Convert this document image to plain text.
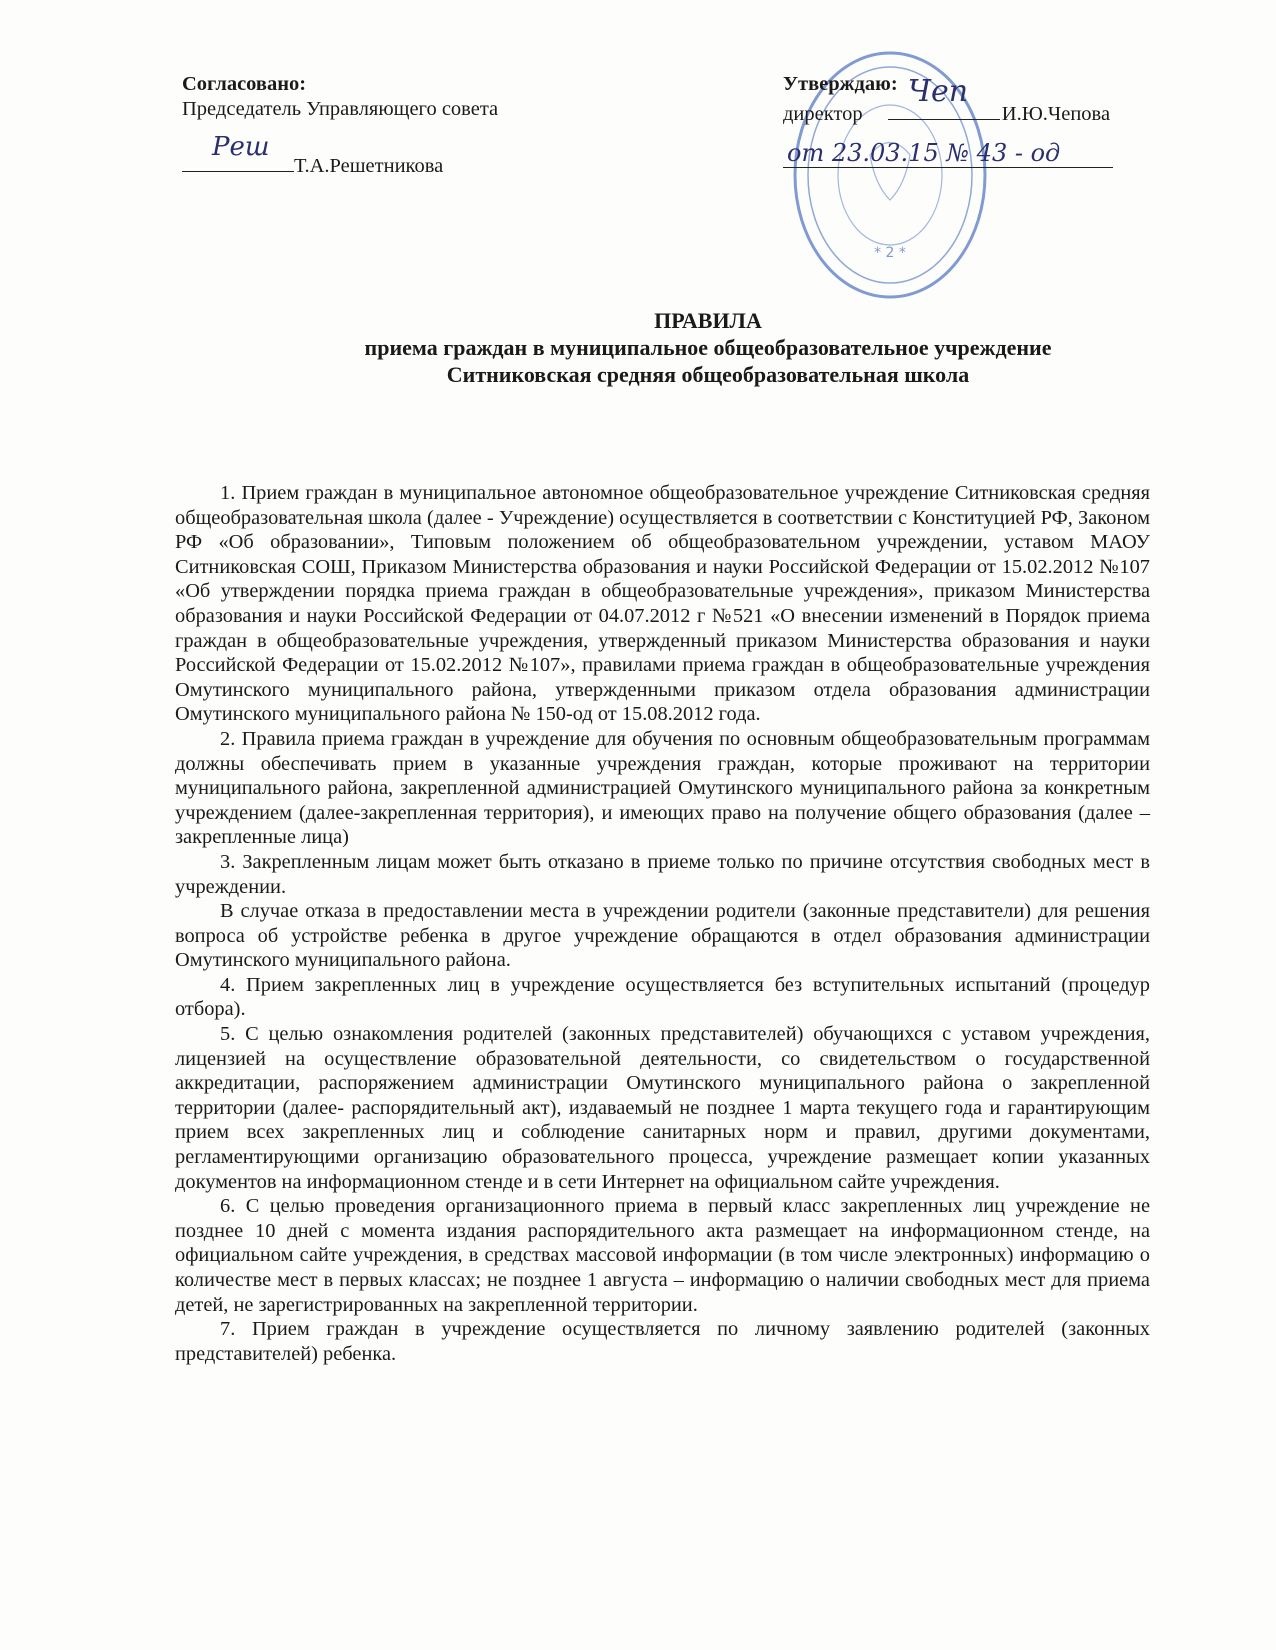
* 2 *
Согласовано:
Председатель Управляющего совета
Реш
Т.А.Решетникова
Утверждаю:
директор
Чеп
И.Ю.Чепова
от 23.03.15 № 43 - од
ПРАВИЛА
приема граждан в муниципальное общеобразовательное учреждение
Ситниковская средняя общеобразовательная школа

1. Прием граждан в муниципальное автономное общеобразовательное учреждение Ситниковская средняя общеобразовательная школа (далее - Учреждение) осуществляется в соответствии с Конституцией РФ, Законом РФ «Об образовании», Типовым положением об общеобразовательном учреждении, уставом МАОУ Ситниковская СОШ, Приказом Министерства образования и науки Российской Федерации от 15.02.2012 №107 «Об утверждении порядка приема граждан в общеобразовательные учреждения», приказом Министерства образования и науки Российской Федерации от 04.07.2012 г №521 «О внесении изменений в Порядок приема граждан в общеобразовательные учреждения, утвержденный приказом Министерства образования и науки Российской Федерации от 15.02.2012 №107», правилами приема граждан в общеобразовательные учреждения Омутинского муниципального района, утвержденными приказом отдела образования администрации Омутинского муниципального района № 150-од от 15.08.2012 года.

2. Правила приема граждан в учреждение для обучения по основным общеобразовательным программам должны обеспечивать прием в указанные учреждения граждан, которые проживают на территории муниципального района, закрепленной администрацией Омутинского муниципального района за конкретным учреждением (далее-закрепленная территория), и имеющих право на получение общего образования (далее – закрепленные лица)

3. Закрепленным лицам может быть отказано в приеме только по причине отсутствия свободных мест в учреждении.

В случае отказа в предоставлении места в учреждении родители (законные представители) для решения вопроса об устройстве ребенка в другое учреждение обращаются в отдел образования администрации Омутинского муниципального района.

4. Прием закрепленных лиц в учреждение осуществляется без вступительных испытаний (процедур отбора).

5. С целью ознакомления родителей (законных представителей) обучающихся с уставом учреждения, лицензией на осуществление образовательной деятельности, со свидетельством о государственной аккредитации, распоряжением администрации Омутинского муниципального района о закрепленной территории (далее- распорядительный акт), издаваемый не позднее 1 марта текущего года и гарантирующим прием всех закрепленных лиц и соблюдение санитарных норм и правил, другими документами, регламентирующими организацию образовательного процесса, учреждение размещает копии указанных документов на информационном стенде и в сети Интернет на официальном сайте учреждения.

6. С целью проведения организационного приема в первый класс закрепленных лиц учреждение не позднее 10 дней с момента издания распорядительного акта размещает на информационном стенде, на официальном сайте учреждения, в средствах массовой информации (в том числе электронных) информацию о количестве мест в первых классах; не позднее 1 августа – информацию о наличии свободных мест для приема детей, не зарегистрированных на закрепленной территории.

7. Прием граждан в учреждение осуществляется по личному заявлению родителей (законных представителей) ребенка.
